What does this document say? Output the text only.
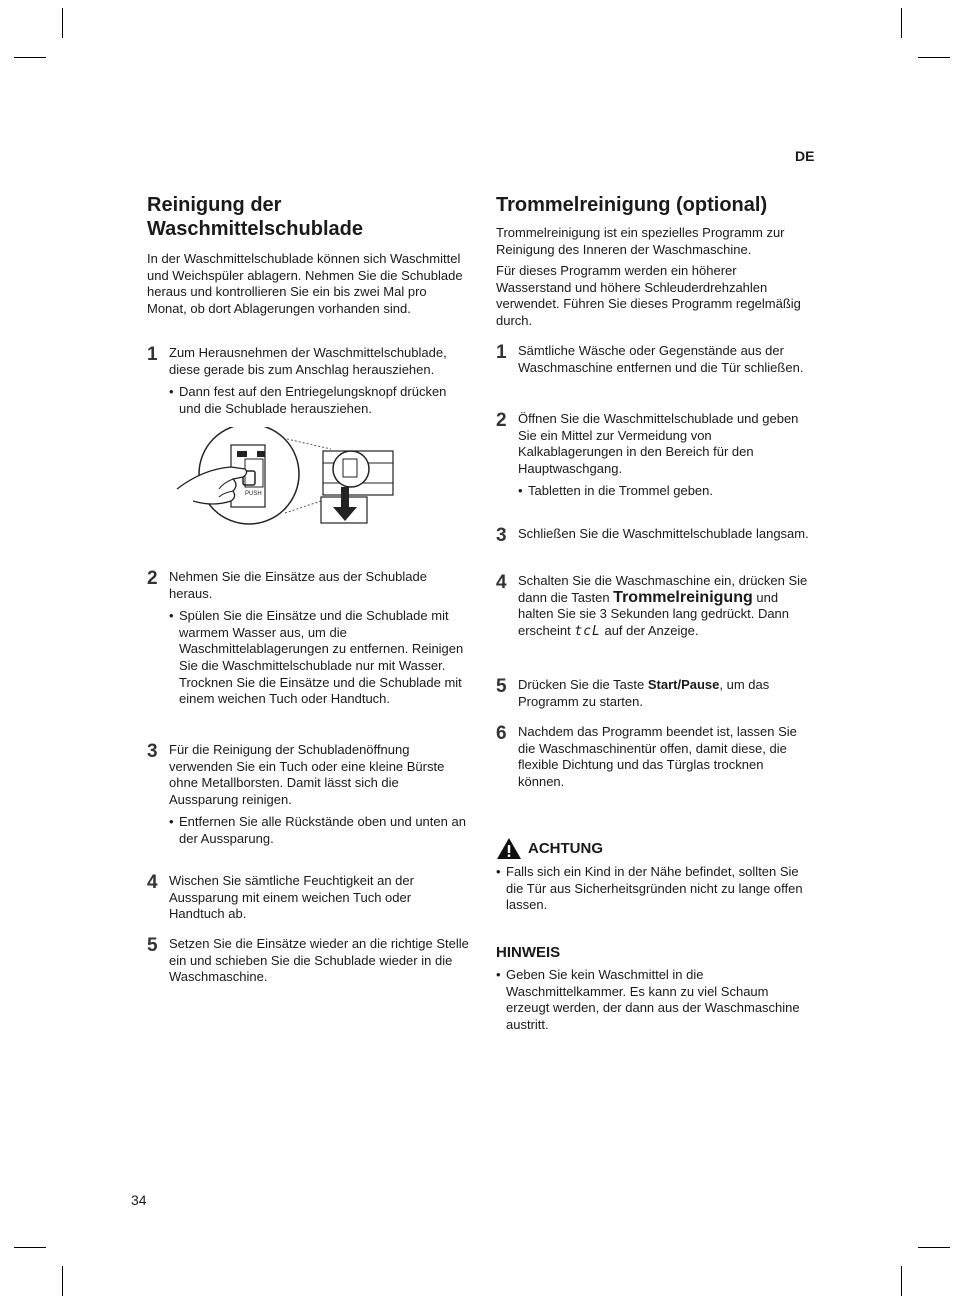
DE
34
Reinigung der
Waschmittelschublade

In der Waschmittelschublade können sich Waschmittel und Weichspüler ablagern. Nehmen Sie die Schublade heraus und kontrollieren Sie ein bis zwei Mal pro Monat, ob dort Ablagerungen vorhanden sind.

1 Zum Herausnehmen der Waschmittelschublade, diese gerade bis zum Anschlag herausziehen.
• Dann fest auf den Entriegelungsknopf drücken und die Schublade herausziehen.
PUSH
2 Nehmen Sie die Einsätze aus der Schublade heraus.
• Spülen Sie die Einsätze und die Schublade mit warmem Wasser aus, um die Waschmittelablagerungen zu entfernen. Reinigen Sie die Waschmittelschublade nur mit Wasser. Trocknen Sie die Einsätze und die Schublade mit einem weichen Tuch oder Handtuch.
3 Für die Reinigung der Schubladenöffnung verwenden Sie ein Tuch oder eine kleine Bürste ohne Metallborsten. Damit lässt sich die Aussparung reinigen.
• Entfernen Sie alle Rückstände oben und unten an der Aussparung.
4 Wischen Sie sämtliche Feuchtigkeit an der Aussparung mit einem weichen Tuch oder Handtuch ab.
5 Setzen Sie die Einsätze wieder an die richtige Stelle ein und schieben Sie die Schublade wieder in die Waschmaschine.
Trommelreinigung (optional)

Trommelreinigung ist ein spezielles Programm zur Reinigung des Inneren der Waschmaschine.

Für dieses Programm werden ein höherer Wasserstand und höhere Schleuderdrehzahlen verwendet. Führen Sie dieses Programm regelmäßig durch.

1 Sämtliche Wäsche oder Gegenstände aus der Waschmaschine entfernen und die Tür schließen.
2 Öffnen Sie die Waschmittelschublade und geben Sie ein Mittel zur Vermeidung von Kalkablagerungen in den Bereich für den Hauptwaschgang.
• Tabletten in die Trommel geben.
3 Schließen Sie die Waschmittelschublade langsam.
4 Schalten Sie die Waschmaschine ein, drücken Sie dann die Tasten Trommelreinigung und halten Sie sie 3 Sekunden lang gedrückt. Dann erscheint tcL auf der Anzeige.
5 Drücken Sie die Taste Start/Pause, um das Programm zu starten.
6 Nachdem das Programm beendet ist, lassen Sie die Waschmaschinentür offen, damit diese, die flexible Dichtung und das Türglas trocknen können.
ACHTUNG
• Falls sich ein Kind in der Nähe befindet, sollten Sie die Tür aus Sicherheitsgründen nicht zu lange offen lassen.
HINWEIS
• Geben Sie kein Waschmittel in die Waschmittelkammer. Es kann zu viel Schaum erzeugt werden, der dann aus der Waschmaschine austritt.
